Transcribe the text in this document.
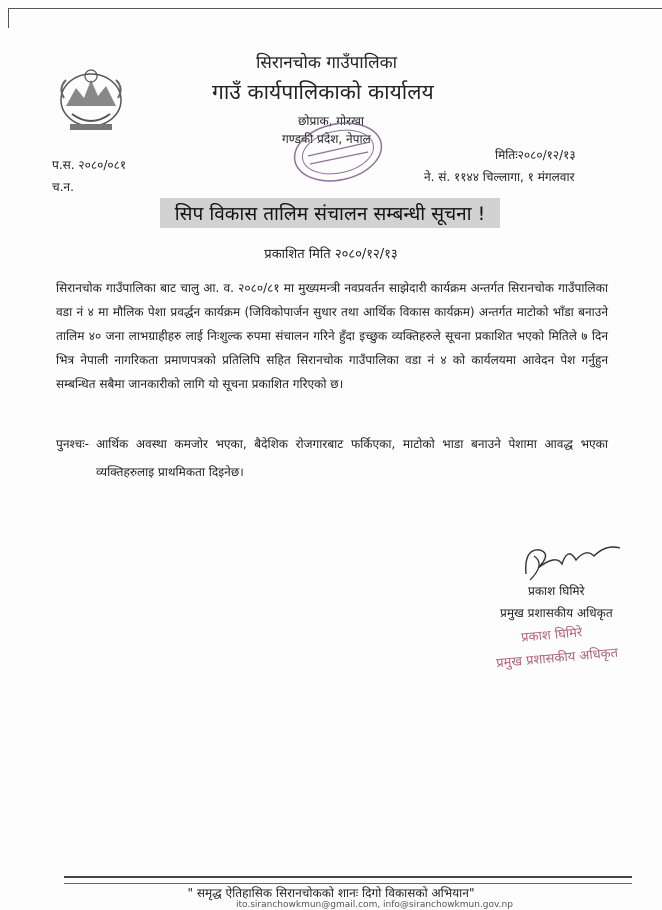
सिरानचोक गाउँपालिका
गाउँ कार्यपालिकाको कार्यालय
छोप्राक, गोरखा
गण्डकी प्रदेश, नेपाल
प.स. २०८०/०८१
च.न.
मितिः२०८०/१२/१३
ने. सं. ११४४ चिल्लागा, १ मंगलवार
सिप विकास तालिम संचालन सम्बन्धी सूचना !
प्रकाशित मिति २०८०/१२/१३
सिरानचोक गाउँपालिका बाट चालु आ. व. २०८०/८१ मा मुख्यमन्त्री नवप्रवर्तन साझेदारी कार्यक्रम अन्तर्गत सिरानचोक गाउँपालिका वडा नं ४ मा मौलिक पेशा प्रवर्द्धन कार्यक्रम (जिविकोपार्जन सुधार तथा आर्थिक विकास कार्यक्रम) अन्तर्गत माटोको भाँडा बनाउने तालिम ४० जना लाभग्राहीहरु लाई निःशुल्क रुपमा संचालन गरिने हुँदा इच्छुक व्यक्तिहरुले सूचना प्रकाशित भएको मितिले ७ दिन भित्र नेपाली नागरिकता प्रमाणपत्रको प्रतिलिपि सहित सिरानचोक गाउँपालिका वडा नं ४ को कार्यलयमा आवेदन पेश गर्नुहुन सम्बन्धित सबैमा जानकारीको लागि यो सूचना प्रकाशित गरिएको छ।
पुनश्चः- आर्थिक अवस्था कमजोर भएका, बैदेशिक रोजगारबाट फर्किएका, माटोको भाडा बनाउने पेशामा आवद्ध भएका व्यक्तिहरुलाइ प्राथमिकता दिइनेछ।
प्रकाश घिमिरे
प्रमुख प्रशासकीय अधिकृत
प्रकाश घिमिरे
प्रमुख प्रशासकीय अधिकृत
" समृद्ध ऐतिहासिक सिरानचोकको शानः दिगो विकासको अभियान"
ito.siranchowkmun@gmail.com, info@siranchowkmun.gov.np
